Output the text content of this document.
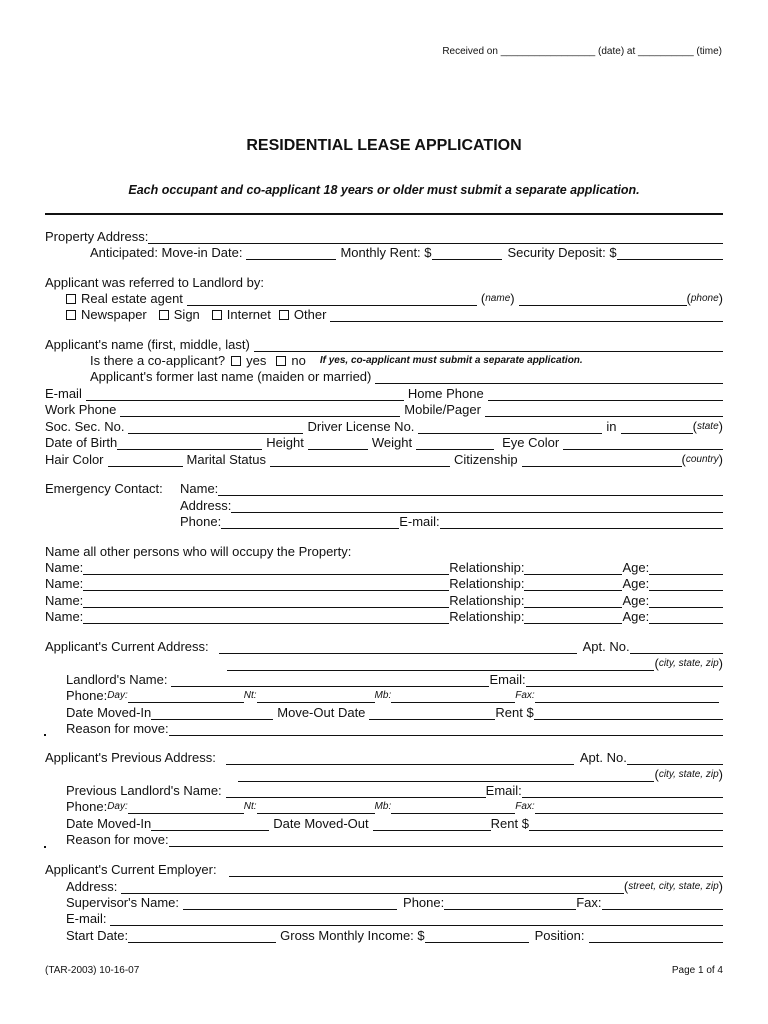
Received on _________________ (date) at __________ (time)
RESIDENTIAL LEASE APPLICATION
Each occupant and co-applicant 18 years or older must submit a separate application.
Property Address:
Anticipated: Move-in Date:	Monthly Rent: $	Security Deposit: $
Applicant was referred to Landlord by:
Real estate agent	( name )	( phone )
Newspaper Sign Internet Other
Applicant's name (first, middle, last)
Is there a co-applicant? yes no If yes, co-applicant must submit a separate application.
Applicant's former last name (maiden or married)
E-mail	Home Phone
Work Phone	Mobile/Pager
Soc. Sec. No.	Driver License No.	in	( state )
Date of Birth	Height	Weight	Eye Color
Hair Color	Marital Status	Citizenship	( country )
Emergency Contact:	Name:
Address:
Phone:	E-mail:
Name all other persons who will occupy the Property:
Name:	Relationship:	Age:
Name:	Relationship:	Age:
Name:	Relationship:	Age:
Name:	Relationship:	Age:
Applicant's Current Address:	Apt. No.
( city, state, zip )
Landlord's Name:	Email:
Phone: Day:	Nt:	Mb:	Fax:
Date Moved-In	Move-Out Date	Rent $
Reason for move:
Applicant's Previous Address:	Apt. No.
( city, state, zip )
Previous Landlord's Name:	Email:
Phone: Day:	Nt:	Mb:	Fax:
Date Moved-In	Date Moved-Out	Rent $
Reason for move:
Applicant's Current Employer:
Address:	( street, city, state, zip )
Supervisor's Name:	Phone:	Fax:
E-mail:
Start Date:	Gross Monthly Income: $	Position:
(TAR-2003) 10-16-07	Page 1 of 4
